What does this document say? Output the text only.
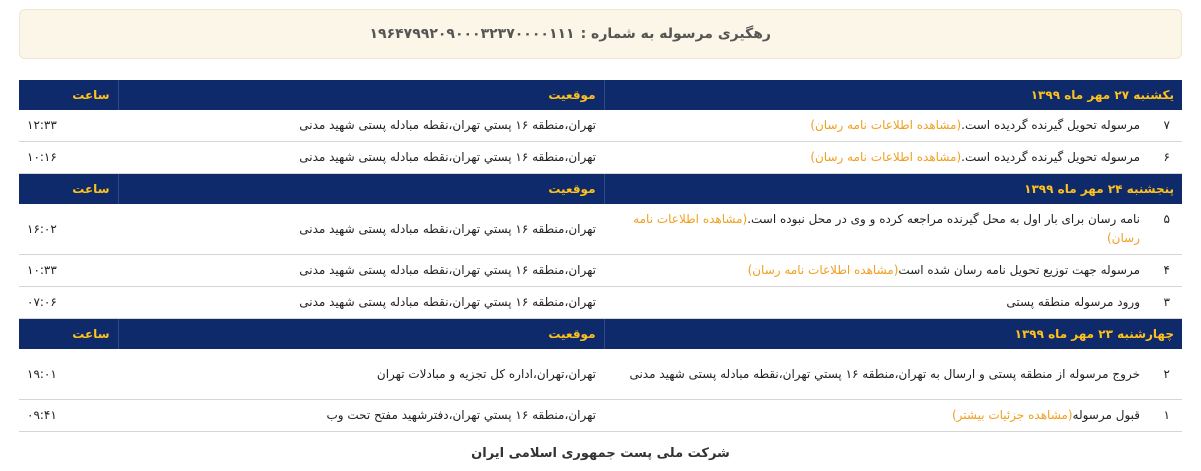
رهگیری مرسوله به شماره :
۱۹۶۴۷۹۹۲۰۹۰۰۰۳۲۳۷۰۰۰۰۱۱۱
یکشنبه ۲۷ مهر ماه ۱۳۹۹	موقعیت	ساعت

۷
مرسوله تحویل گیرنده گردیده است.(مشاهده اطلاعات نامه رسان)	تهران،منطقه ۱۶ پستي تهران،نقطه مبادله پستی شهید مدنی	۱۲:۳۳

۶
مرسوله تحویل گیرنده گردیده است.(مشاهده اطلاعات نامه رسان)	تهران،منطقه ۱۶ پستي تهران،نقطه مبادله پستی شهید مدنی	۱۰:۱۶
پنجشنبه ۲۴ مهر ماه ۱۳۹۹	موقعیت	ساعت

۵
نامه رسان برای بار اول به محل گیرنده مراجعه کرده و وی در محل نبوده است.(مشاهده اطلاعات نامه رسان)	تهران،منطقه ۱۶ پستي تهران،نقطه مبادله پستی شهید مدنی	۱۶:۰۲

۴
مرسوله جهت توزیع تحویل نامه رسان شده است(مشاهده اطلاعات نامه رسان)	تهران،منطقه ۱۶ پستي تهران،نقطه مبادله پستی شهید مدنی	۱۰:۳۳

۳
ورود مرسوله منطقه پستی	تهران،منطقه ۱۶ پستي تهران،نقطه مبادله پستی شهید مدنی	۰۷:۰۶
چهارشنبه ۲۳ مهر ماه ۱۳۹۹	موقعیت	ساعت

۲
خروج مرسوله از منطقه پستی و ارسال به تهران،منطقه ۱۶ پستي تهران،نقطه مبادله پستی شهید مدنی	تهران،تهران،اداره کل تجزیه و مبادلات تهران	۱۹:۰۱

۱
قبول مرسوله(مشاهده جزئیات بیشتر)	تهران،منطقه ۱۶ پستي تهران،دفترشهید مفتح تحت وب	۰۹:۴۱
شرکت ملی پست جمهوری اسلامی ایران
